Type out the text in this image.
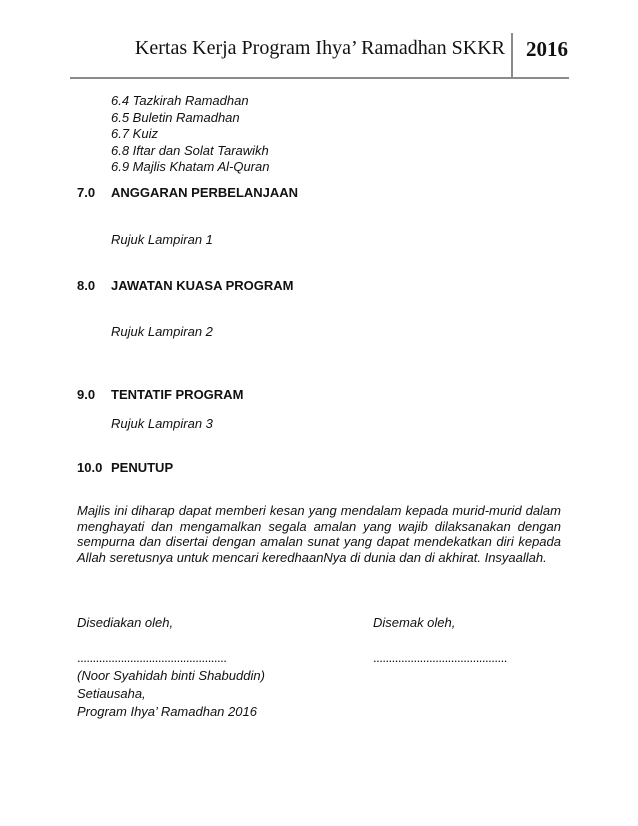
Kertas Kerja Program Ihya’ Ramadhan SKKR 2016
6.4 Tazkirah Ramadhan
6.5 Buletin Ramadhan
6.7 Kuiz
6.8 Iftar dan Solat Tarawikh
6.9 Majlis Khatam Al-Quran
7.0 ANGGARAN PERBELANJAAN
Rujuk Lampiran 1
8.0 JAWATAN KUASA PROGRAM
Rujuk Lampiran 2
9.0 TENTATIF PROGRAM
Rujuk Lampiran 3
10.0 PENUTUP

Majlis ini diharap dapat memberi kesan yang mendalam kepada murid-murid dalam menghayati dan mengamalkan segala amalan yang wajib dilaksanakan dengan sempurna dan disertai dengan amalan sunat yang dapat mendekatkan diri kepada Allah seretusnya untuk mencari keredhaanNya di dunia dan di akhirat. Insyaallah.

Disediakan oleh,	Disemak oleh,
................................................	...........................................
(Noor Syahidah binti Shabuddin)
Setiausaha,
Program Ihya’ Ramadhan 2016
